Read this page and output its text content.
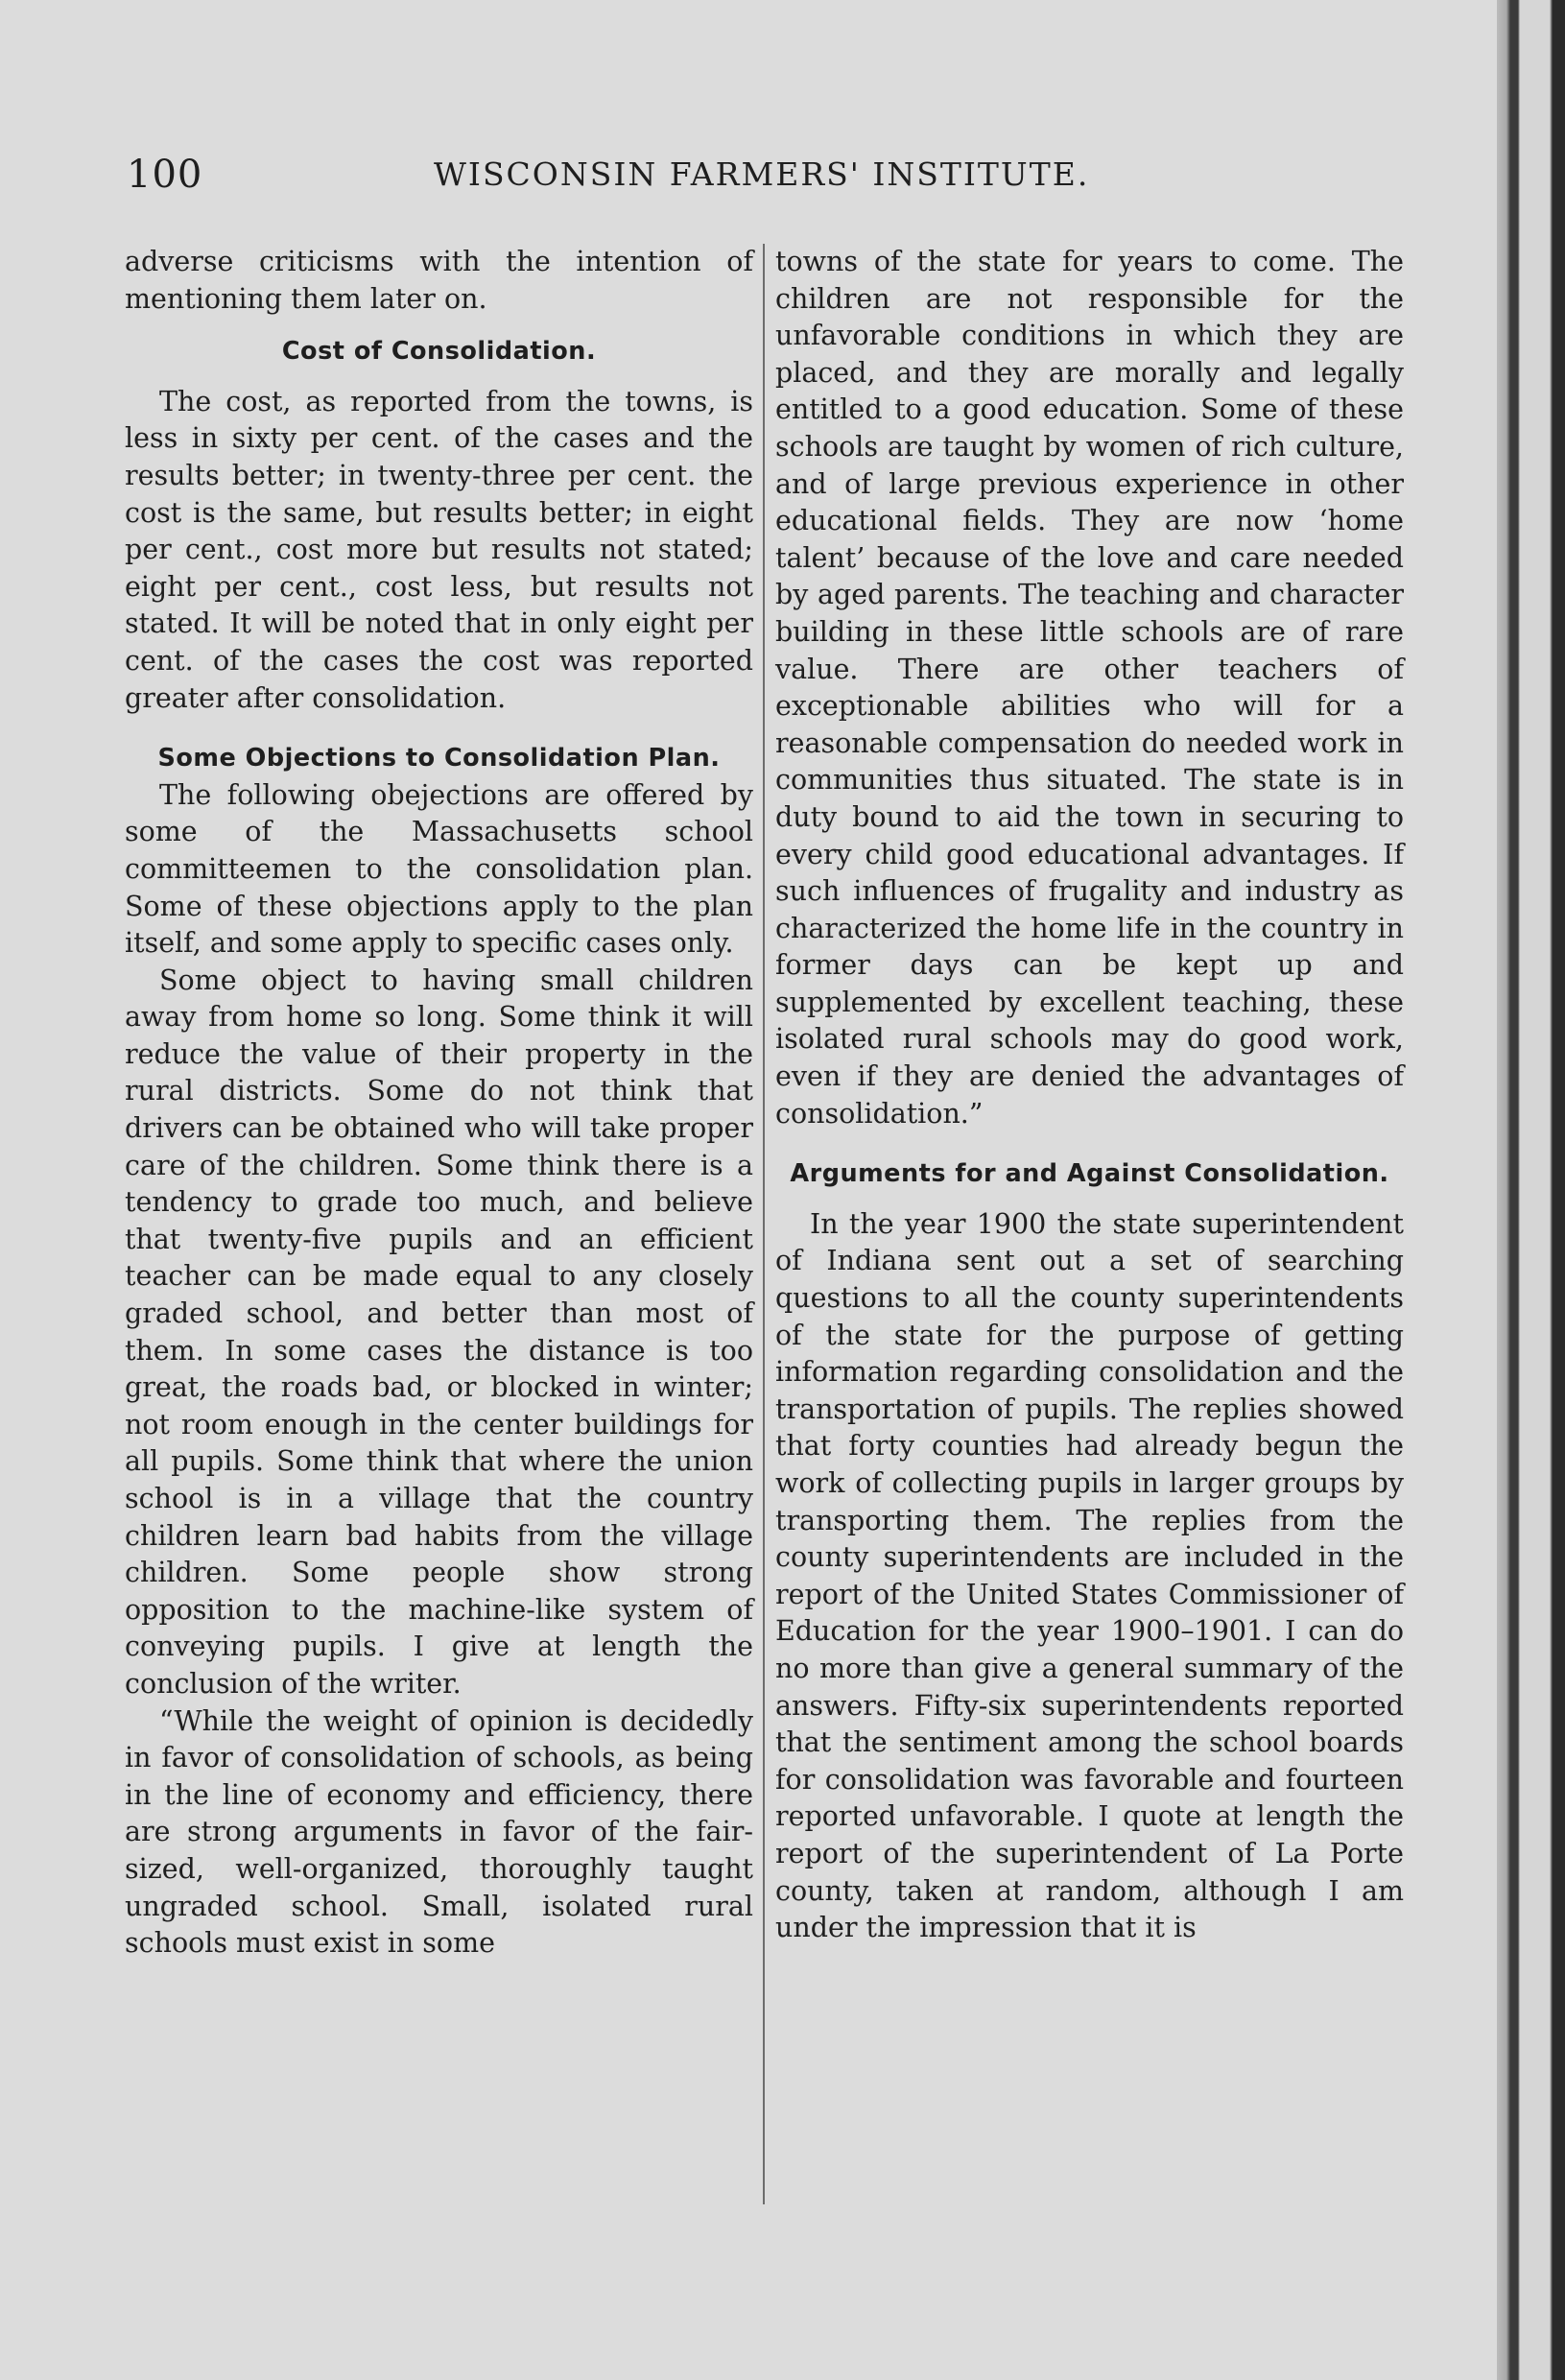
100	WISCONSIN FARMERS' INSTITUTE.

adverse criticisms with the intention of mentioning them later on.

Cost of Consolidation.

The cost, as reported from the towns, is less in sixty per cent. of the cases and the results better; in twenty-three per cent. the cost is the same, but results better; in eight per cent., cost more but results not stated; eight per cent., cost less, but results not stated. It will be noted that in only eight per cent. of the cases the cost was reported greater after consolidation.

Some Objections to Consolidation Plan.

The following obejections are offered by some of the Massachusetts school committeemen to the consolidation plan. Some of these objections apply to the plan itself, and some apply to specific cases only.

Some object to having small children away from home so long. Some think it will reduce the value of their property in the rural districts. Some do not think that drivers can be obtained who will take proper care of the children. Some think there is a tendency to grade too much, and believe that twenty-five pupils and an efficient teacher can be made equal to any closely graded school, and better than most of them. In some cases the distance is too great, the roads bad, or blocked in winter; not room enough in the center buildings for all pupils. Some think that where the union school is in a village that the country children learn bad habits from the village children. Some people show strong opposition to the machine-like system of conveying pupils. I give at length the conclusion of the writer.

“While the weight of opinion is decidedly in favor of consolidation of schools, as being in the line of economy and efficiency, there are strong arguments in favor of the fair-sized, well-organized, thoroughly taught ungraded school. Small, isolated rural schools must exist in some

towns of the state for years to come. The children are not responsible for the unfavorable conditions in which they are placed, and they are morally and legally entitled to a good education. Some of these schools are taught by women of rich culture, and of large previous experience in other educational fields. They are now ‘home talent’ because of the love and care needed by aged parents. The teaching and character building in these little schools are of rare value. There are other teachers of exceptionable abilities who will for a reasonable compensation do needed work in communities thus situated. The state is in duty bound to aid the town in securing to every child good educational advantages. If such influences of frugality and industry as characterized the home life in the country in former days can be kept up and supplemented by excellent teaching, these isolated rural schools may do good work, even if they are denied the advantages of consolidation.”

Arguments for and Against Consolidation.

In the year 1900 the state superintendent of Indiana sent out a set of searching questions to all the county superintendents of the state for the purpose of getting information regarding consolidation and the transportation of pupils. The replies showed that forty counties had already begun the work of collecting pupils in larger groups by transporting them. The replies from the county superintendents are included in the report of the United States Commissioner of Education for the year 1900–1901. I can do no more than give a general summary of the answers. Fifty-six superintendents reported that the sentiment among the school boards for consolidation was favorable and fourteen reported unfavorable. I quote at length the report of the superintendent of La Porte county, taken at random, although I am under the impression that it is
